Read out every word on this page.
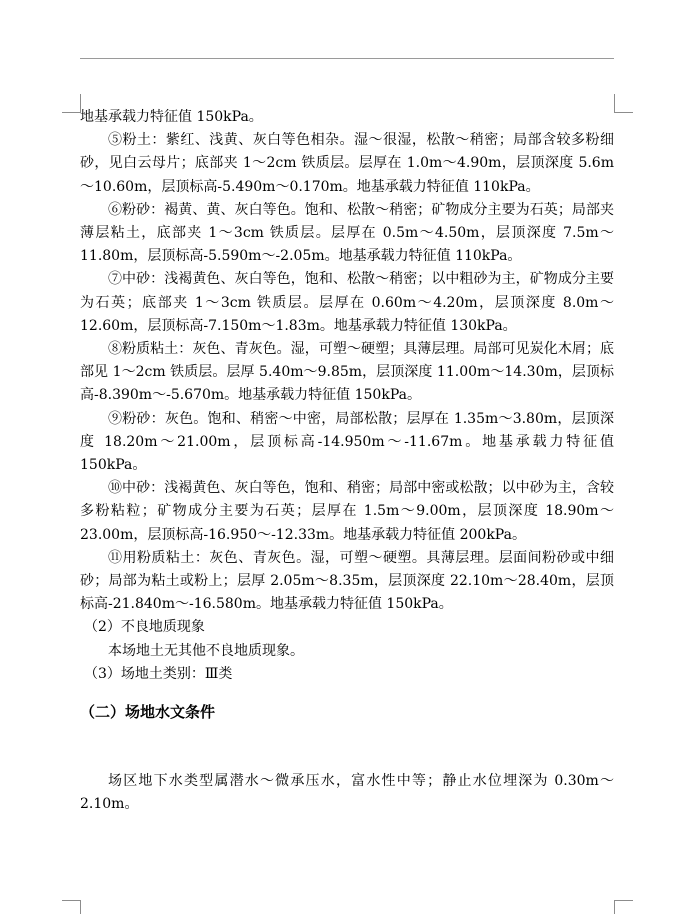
地基承载力特征值 150kPa。

⑤粉土：紫红、浅黄、灰白等色相杂。湿～很湿，松散～稍密；局部含较多粉细砂，见白云母片；底部夹 1～2cm 铁质层。层厚在 1.0m～4.90m，层顶深度 5.6m～10.60m，层顶标高-5.490m～0.170m。地基承载力特征值 110kPa。

⑥粉砂：褐黄、黄、灰白等色。饱和、松散～稍密；矿物成分主要为石英；局部夹薄层粘土，底部夹 1～3cm 铁质层。层厚在 0.5m～4.50m，层顶深度 7.5m～ 11.80m，层顶标高-5.590m～-2.05m。地基承载力特征值 110kPa。

⑦中砂：浅褐黄色、灰白等色，饱和、松散～稍密；以中粗砂为主，矿物成分主要为石英；底部夹 1～3cm 铁质层。层厚在 0.60m～4.20m，层顶深度 8.0m～12.60m，层顶标高-7.150m～1.83m。地基承载力特征值 130kPa。

⑧粉质粘土：灰色、青灰色。湿，可塑～硬塑；具薄层理。局部可见炭化木屑；底部见 1～2cm 铁质层。层厚 5.40m～9.85m，层顶深度 11.00m～14.30m，层顶标高-8.390m～-5.670m。地基承载力特征值 150kPa。

⑨粉砂：灰色。饱和、稍密～中密，局部松散；层厚在 1.35m～3.80m，层顶深度 18.20m～21.00m，层顶标高-14.950m～-11.67m。地基承载力特征值 150kPa。

⑩中砂：浅褐黄色、灰白等色，饱和、稍密；局部中密或松散；以中砂为主，含较多粉粘粒；矿物成分主要为石英；层厚在 1.5m～9.00m，层顶深度 18.90m～23.00m，层顶标高-16.950～-12.33m。地基承载力特征值 200kPa。

⑪用粉质粘土：灰色、青灰色。湿，可塑～硬塑。具薄层理。层面间粉砂或中细砂；局部为粘土或粉上；层厚 2.05m～8.35m，层顶深度 22.10m～28.40m，层顶标高-21.840m～-16.580m。地基承载力特征值 150kPa。

（2）不良地质现象

本场地土无其他不良地质现象。

（3）场地土类别：Ⅲ类

（二）场地水文条件

场区地下水类型属潜水～微承压水，富水性中等；静止水位埋深为 0.30m～2.10m。
